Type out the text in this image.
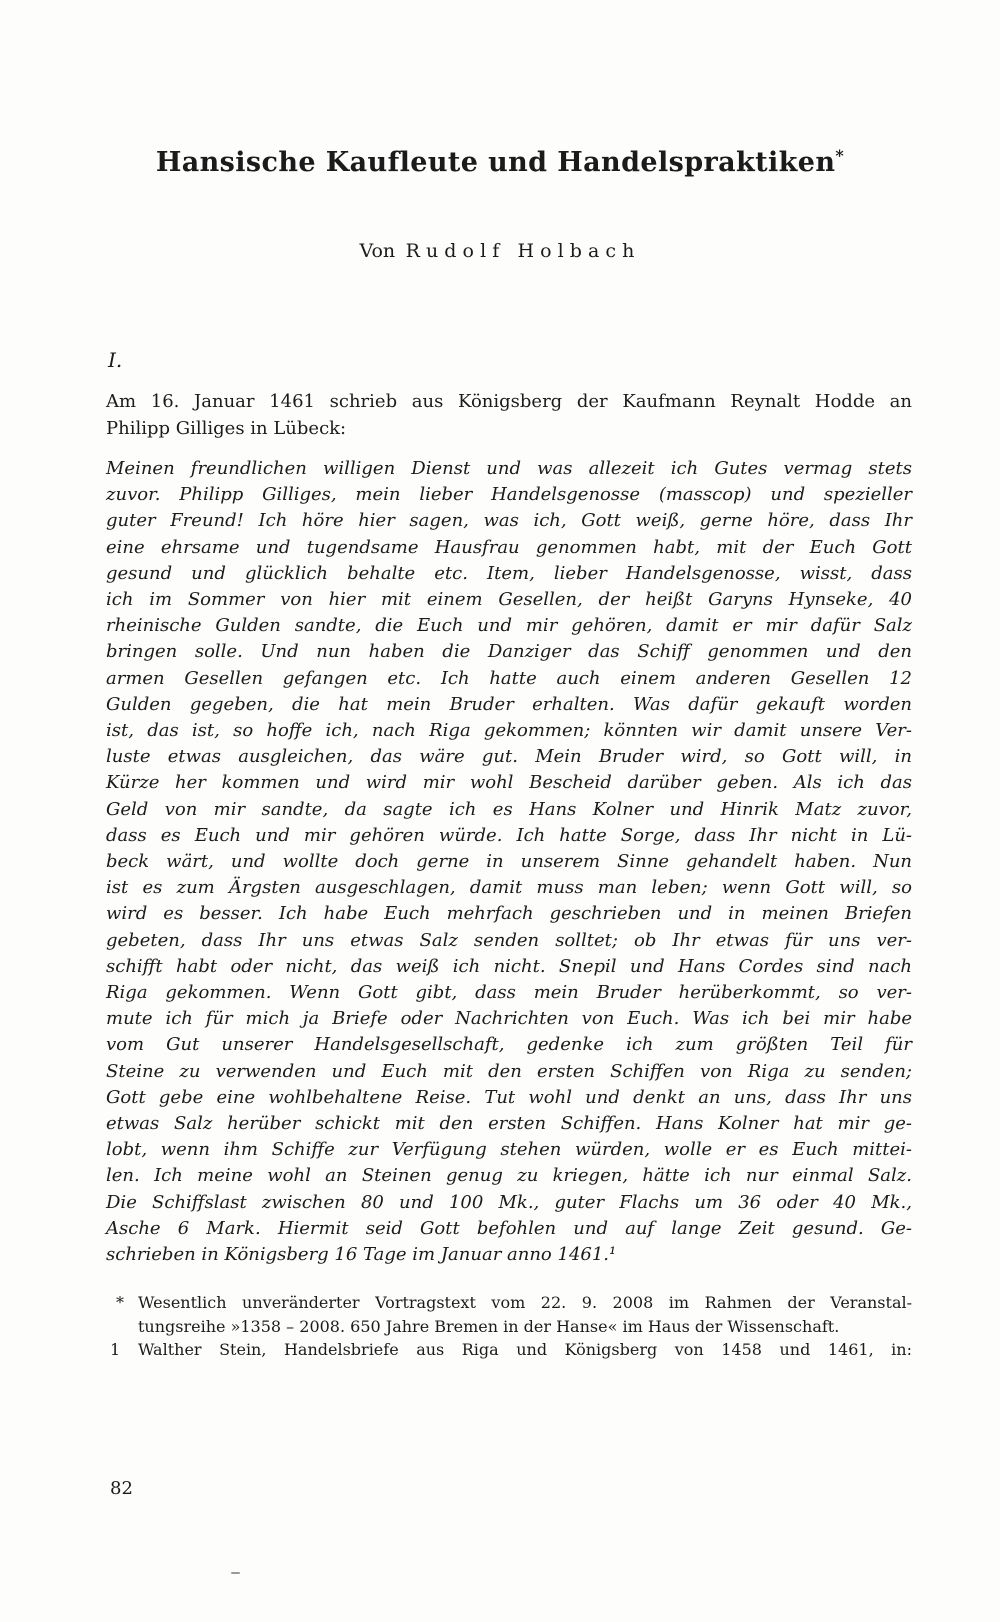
Hansische Kaufleute und Handelspraktiken*
Von Rudolf Holbach
I.
Am 16. Januar 1461 schrieb aus Königsberg der Kaufmann Reynalt Hodde an
Philipp Gilliges in Lübeck:
Meinen freundlichen willigen Dienst und was allezeit ich Gutes vermag stets
zuvor. Philipp Gilliges, mein lieber Handelsgenosse (masscop) und spezieller
guter Freund! Ich höre hier sagen, was ich, Gott weiß, gerne höre, dass Ihr
eine ehrsame und tugendsame Hausfrau genommen habt, mit der Euch Gott
gesund und glücklich behalte etc. Item, lieber Handelsgenosse, wisst, dass
ich im Sommer von hier mit einem Gesellen, der heißt Garyns Hynseke, 40
rheinische Gulden sandte, die Euch und mir gehören, damit er mir dafür Salz
bringen solle. Und nun haben die Danziger das Schiff genommen und den
armen Gesellen gefangen etc. Ich hatte auch einem anderen Gesellen 12
Gulden gegeben, die hat mein Bruder erhalten. Was dafür gekauft worden
ist, das ist, so hoffe ich, nach Riga gekommen; könnten wir damit unsere Ver-
luste etwas ausgleichen, das wäre gut. Mein Bruder wird, so Gott will, in
Kürze her kommen und wird mir wohl Bescheid darüber geben. Als ich das
Geld von mir sandte, da sagte ich es Hans Kolner und Hinrik Matz zuvor,
dass es Euch und mir gehören würde. Ich hatte Sorge, dass Ihr nicht in Lü-
beck wärt, und wollte doch gerne in unserem Sinne gehandelt haben. Nun
ist es zum Ärgsten ausgeschlagen, damit muss man leben; wenn Gott will, so
wird es besser. Ich habe Euch mehrfach geschrieben und in meinen Briefen
gebeten, dass Ihr uns etwas Salz senden solltet; ob Ihr etwas für uns ver-
schifft habt oder nicht, das weiß ich nicht. Snepil und Hans Cordes sind nach
Riga gekommen. Wenn Gott gibt, dass mein Bruder herüberkommt, so ver-
mute ich für mich ja Briefe oder Nachrichten von Euch. Was ich bei mir habe
vom Gut unserer Handelsgesellschaft, gedenke ich zum größten Teil für
Steine zu verwenden und Euch mit den ersten Schiffen von Riga zu senden;
Gott gebe eine wohlbehaltene Reise. Tut wohl und denkt an uns, dass Ihr uns
etwas Salz herüber schickt mit den ersten Schiffen. Hans Kolner hat mir ge-
lobt, wenn ihm Schiffe zur Verfügung stehen würden, wolle er es Euch mittei-
len. Ich meine wohl an Steinen genug zu kriegen, hätte ich nur einmal Salz.
Die Schiffslast zwischen 80 und 100 Mk., guter Flachs um 36 oder 40 Mk.,
Asche 6 Mark. Hiermit seid Gott befohlen und auf lange Zeit gesund. Ge-
schrieben in Königsberg 16 Tage im Januar anno 1461.¹
* Wesentlich unveränderter Vortragstext vom 22. 9. 2008 im Rahmen der Veranstal-
tungsreihe »1358 – 2008. 650 Jahre Bremen in der Hanse« im Haus der Wissenschaft.
1 Walther Stein, Handelsbriefe aus Riga und Königsberg von 1458 und 1461, in:
82
